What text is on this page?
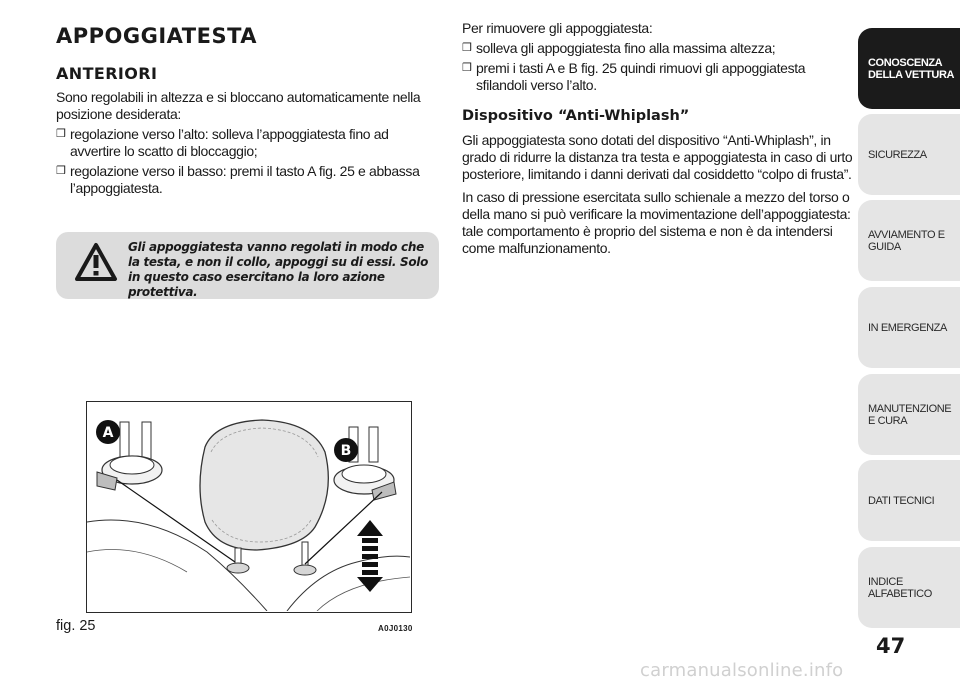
APPOGGIATESTA
ANTERIORI

Sono regolabili in altezza e si bloccano automaticamente nella posizione desiderata:

❒ regolazione verso l’alto: solleva l’appoggiatesta fino ad avvertire lo scatto di bloccaggio;
❒ regolazione verso il basso: premi il tasto A fig. 25 e abbassa l’appoggiatesta.
Gli appoggiatesta vanno regolati in modo che la testa, e non il collo, appoggi su di essi. Solo in questo caso esercitano la loro azione protettiva.
A
B
fig. 25	A0J0130

Per rimuovere gli appoggiatesta:

❒ solleva gli appoggiatesta fino alla massima altezza;
❒ premi i tasti A e B fig. 25 quindi rimuovi gli appoggiatesta sfilandoli verso l’alto.
Dispositivo “Anti-Whiplash”

Gli appoggiatesta sono dotati del dispositivo “Anti-Whiplash”, in grado di ridurre la distanza tra testa e appoggiatesta in caso di urto posteriore, limitando i danni derivati dal cosiddetto “colpo di frusta”.

In caso di pressione esercitata sullo schienale a mezzo del torso o della mano si può verificare la movimentazione dell’appoggiatesta: tale comportamento è proprio del sistema e non è da intendersi come malfunzionamento.

CONOSCENZA DELLA VETTURA
SICUREZZA
AVVIAMENTO E GUIDA
IN EMERGENZA
MANUTENZIONE E CURA
DATI TECNICI
INDICE ALFABETICO
47
carmanualsonline.info
